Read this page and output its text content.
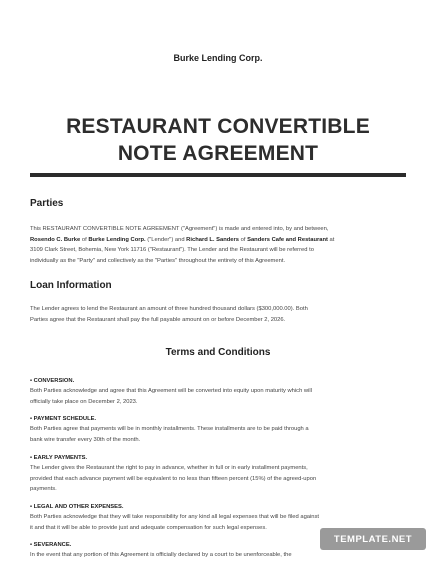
Burke Lending Corp.
RESTAURANT CONVERTIBLE
NOTE AGREEMENT
Parties
This RESTAURANT CONVERTIBLE NOTE AGREEMENT ("Agreement") is made and entered into, by and between,
Rosendo C. Burke of Burke Lending Corp. ("Lender") and Richard L. Sanders of Sanders Cafe and Restaurant at
3109 Clark Street, Bohemia, New York 11716 ("Restaurant"). The Lender and the Restaurant will be referred to
individually as the "Party" and collectively as the "Parties" throughout the entirety of this Agreement.
Loan Information
The Lender agrees to lend the Restaurant an amount of three hundred thousand dollars ($300,000.00). Both
Parties agree that the Restaurant shall pay the full payable amount on or before December 2, 2026.
Terms and Conditions
• CONVERSION.
Both Parties acknowledge and agree that this Agreement will be converted into equity upon maturity which will
officially take place on December 2, 2023.
• PAYMENT SCHEDULE.
Both Parties agree that payments will be in monthly installments. These installments are to be paid through a
bank wire transfer every 30th of the month.
• EARLY PAYMENTS.
The Lender gives the Restaurant the right to pay in advance, whether in full or in early installment payments,
provided that each advance payment will be equivalent to no less than fifteen percent (15%) of the agreed-upon
payments.
• LEGAL AND OTHER EXPENSES.
Both Parties acknowledge that they will take responsibility for any kind all legal expenses that will be filed against
it and that it will be able to provide just and adequate compensation for such legal expenses.
• SEVERANCE.
In the event that any portion of this Agreement is officially declared by a court to be unenforceable, the
TEMPLATE . NET
